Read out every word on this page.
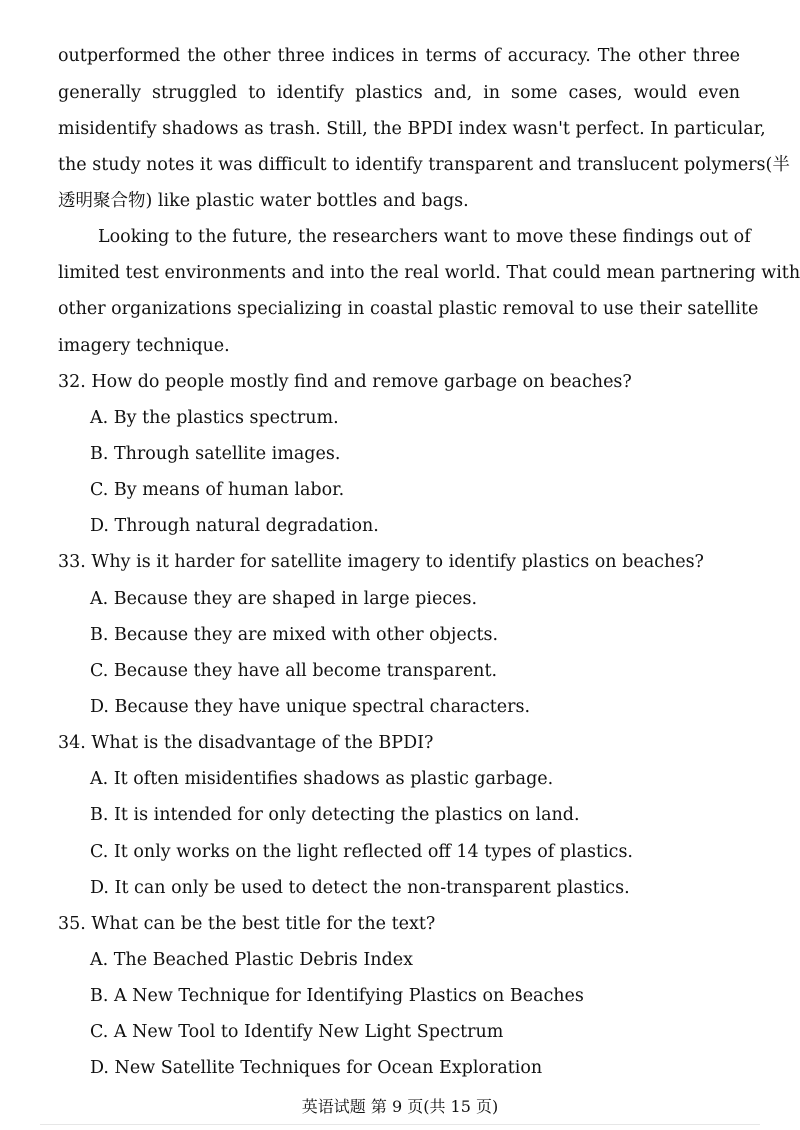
outperformed the other three indices in terms of accuracy. The other three
generally struggled to identify plastics and, in some cases, would even
misidentify shadows as trash. Still, the BPDI index wasn't perfect. In particular,
the study notes it was difficult to identify transparent and translucent polymers(半
透明聚合物) like plastic water bottles and bags.
Looking to the future, the researchers want to move these findings out of
limited test environments and into the real world. That could mean partnering with
other organizations specializing in coastal plastic removal to use their satellite
imagery technique.
32. How do people mostly find and remove garbage on beaches?
A. By the plastics spectrum.
B. Through satellite images.
C. By means of human labor.
D. Through natural degradation.
33. Why is it harder for satellite imagery to identify plastics on beaches?
A. Because they are shaped in large pieces.
B. Because they are mixed with other objects.
C. Because they have all become transparent.
D. Because they have unique spectral characters.
34. What is the disadvantage of the BPDI?
A. It often misidentifies shadows as plastic garbage.
B. It is intended for only detecting the plastics on land.
C. It only works on the light reflected off 14 types of plastics.
D. It can only be used to detect the non-transparent plastics.
35. What can be the best title for the text?
A. The Beached Plastic Debris Index
B. A New Technique for Identifying Plastics on Beaches
C. A New Tool to Identify New Light Spectrum
D. New Satellite Techniques for Ocean Exploration
英语试题 第 9 页(共 15 页)
